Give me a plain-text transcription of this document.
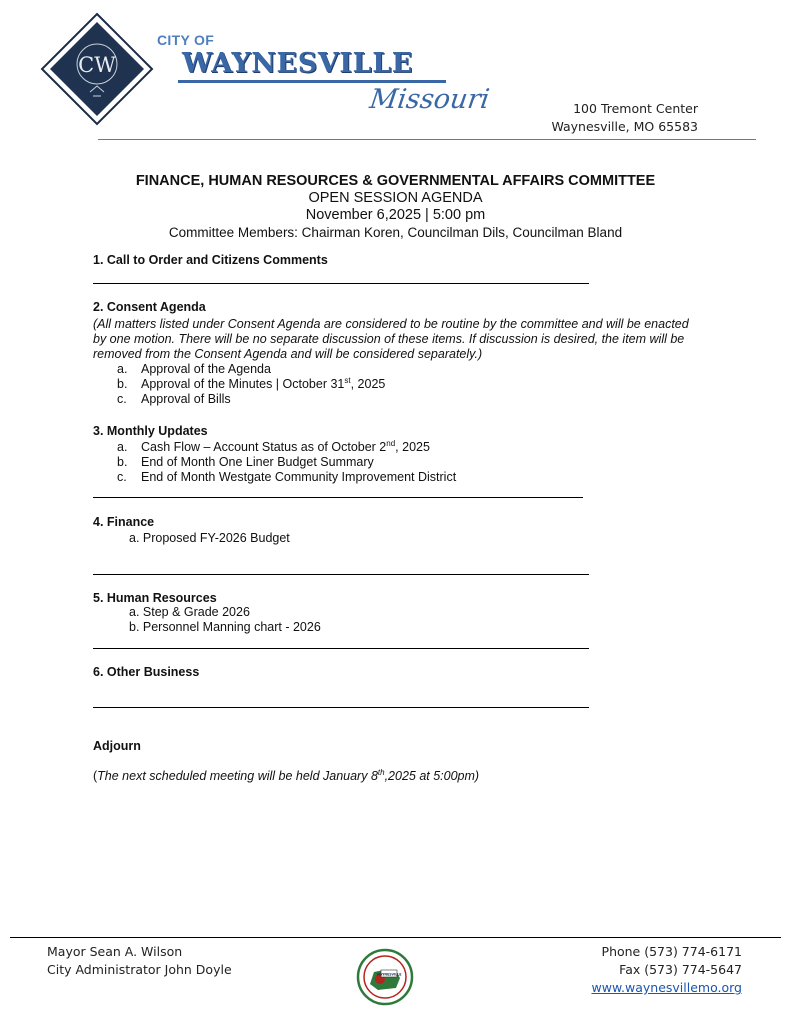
CW
CITY OF
WAYNESVILLE
Missouri	100 Tremont Center
Waynesville, MO 65583
FINANCE, HUMAN RESOURCES & GOVERNMENTAL AFFAIRS COMMITTEE
OPEN SESSION AGENDA
November 6,2025 | 5:00 pm
Committee Members: Chairman Koren, Councilman Dils, Councilman Bland
1. Call to Order and Citizens Comments
2. Consent Agenda
(All matters listed under Consent Agenda are considered to be routine by the committee and will be enacted by one motion. There will be no separate discussion of these items. If discussion is desired, the item will be removed from the Consent Agenda and will be considered separately.)
a. Approval of the Agenda
b. Approval of the Minutes | October 31st, 2025
c. Approval of Bills
3. Monthly Updates
a. Cash Flow – Account Status as of October 2nd, 2025
b. End of Month One Liner Budget Summary
c. End of Month Westgate Community Improvement District
4. Finance
a. Proposed FY-2026 Budget
5. Human Resources
a. Step & Grade 2026
b. Personnel Manning chart - 2026
6. Other Business
Adjourn
(The next scheduled meeting will be held January 8th,2025 at 5:00pm)
Mayor Sean A. Wilson
City Administrator John Doyle	WAYNESVILLE
Phone (573) 774-6171
Fax (573) 774-5647
www.waynesvillemo.org
